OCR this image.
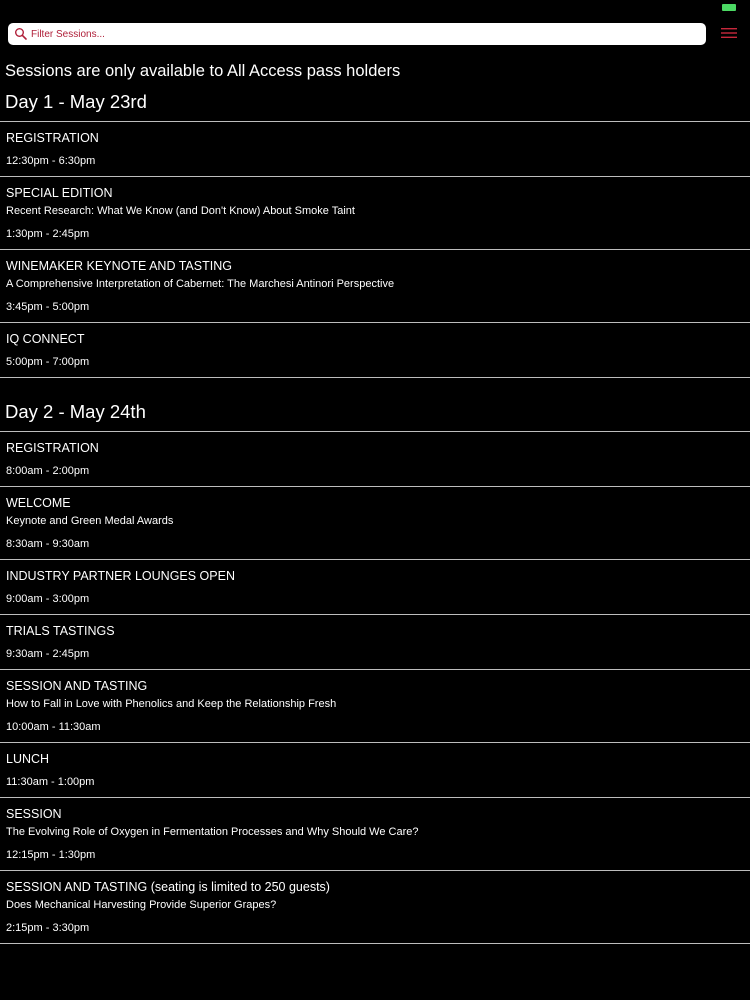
Filter Sessions...
Sessions are only available to All Access pass holders
Day 1 - May 23rd
REGISTRATION
12:30pm - 6:30pm
SPECIAL EDITION
Recent Research: What We Know (and Don't Know) About Smoke Taint
1:30pm - 2:45pm
WINEMAKER KEYNOTE AND TASTING
A Comprehensive Interpretation of Cabernet: The Marchesi Antinori Perspective
3:45pm - 5:00pm
IQ CONNECT
5:00pm - 7:00pm
Day 2 - May 24th
REGISTRATION
8:00am - 2:00pm
WELCOME
Keynote and Green Medal Awards
8:30am - 9:30am
INDUSTRY PARTNER LOUNGES OPEN
9:00am - 3:00pm
TRIALS TASTINGS
9:30am - 2:45pm
SESSION AND TASTING
How to Fall in Love with Phenolics and Keep the Relationship Fresh
10:00am - 11:30am
LUNCH
11:30am - 1:00pm
SESSION
The Evolving Role of Oxygen in Fermentation Processes and Why Should We Care?
12:15pm - 1:30pm
SESSION AND TASTING (seating is limited to 250 guests)
Does Mechanical Harvesting Provide Superior Grapes?
2:15pm - 3:30pm
